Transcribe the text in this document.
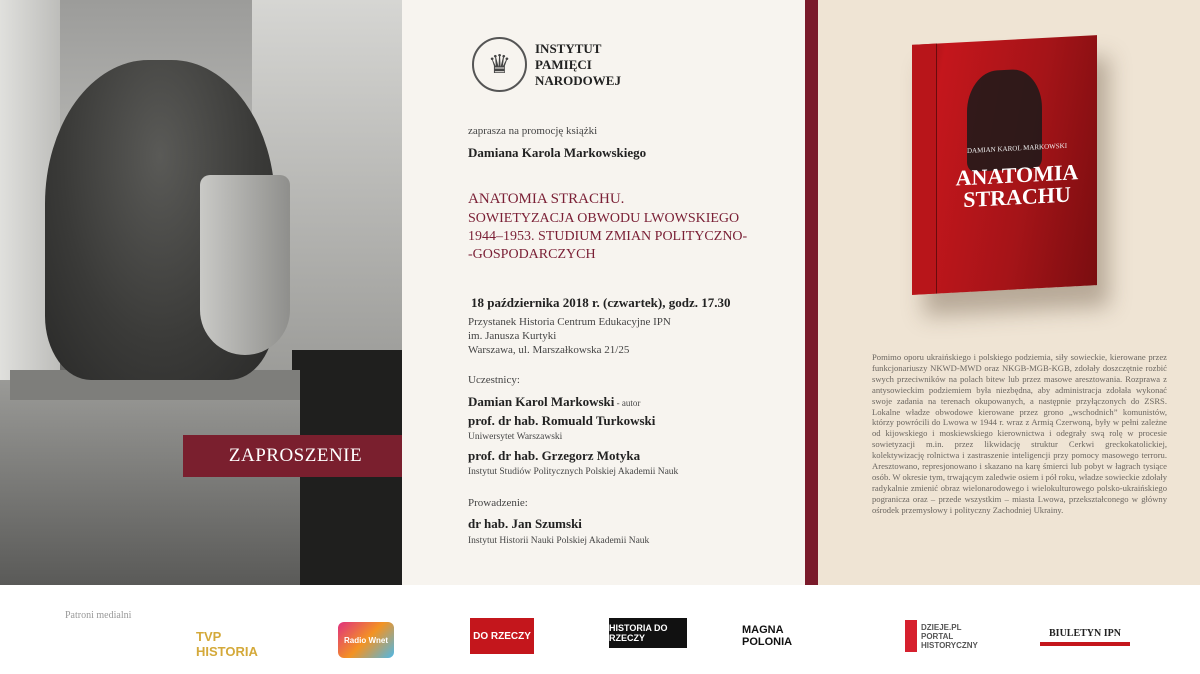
ZAPROSZENIE
♛
INSTYTUT
PAMIĘCI
NARODOWEJ
zaprasza na promocję książki
Damiana Karola Markowskiego
ANATOMIA STRACHU.
SOWIETYZACJA OBWODU LWOWSKIEGO
1944–1953. STUDIUM ZMIAN POLITYCZNO-
-GOSPODARCZYCH
18 października 2018 r. (czwartek), godz. 17.30
Przystanek Historia Centrum Edukacyjne IPN
im. Janusza Kurtyki
Warszawa, ul. Marszałkowska 21/25
Uczestnicy:
Damian Karol Markowski - autor
prof. dr hab. Romuald Turkowski
Uniwersytet Warszawski
prof. dr hab. Grzegorz Motyka
Instytut Studiów Politycznych Polskiej Akademii Nauk
Prowadzenie:
dr hab. Jan Szumski
Instytut Historii Nauki Polskiej Akademii Nauk
DAMIAN KAROL MARKOWSKI
ANATOMIA
STRACHU
Pomimo oporu ukraińskiego i polskiego podziemia, siły sowieckie, kierowane przez funkcjonariuszy NKWD-MWD oraz NKGB-MGB-KGB, zdołały doszczętnie rozbić swych przeciwników na polach bitew lub przez masowe aresztowania. Rozprawa z antysowieckim podziemiem była niezbędna, aby administracja zdołała wykonać swoje zadania na terenach okupowanych, a następnie przyłączonych do ZSRS. Lokalne władze obwodowe kierowane przez grono „wschodnich” komunistów, którzy powrócili do Lwowa w 1944 r. wraz z Armią Czerwoną, były w pełni zależne od kijowskiego i moskiewskiego kierownictwa i odegrały swą rolę w procesie sowietyzacji m.in. przez likwidację struktur Cerkwi greckokatolickiej, kolektywizację rolnictwa i zastraszenie inteligencji przy pomocy masowego terroru. Aresztowano, represjonowano i skazano na karę śmierci lub pobyt w łagrach tysiące osób. W okresie tym, trwającym zaledwie osiem i pół roku, władze sowieckie zdołały radykalnie zmienić obraz wielonarodowego i wielokulturowego polsko-ukraińskiego pogranicza oraz – przede wszystkim – miasta Lwowa, przekształconego w główny ośrodek przemysłowy i polityczny Zachodniej Ukrainy.
Patroni medialni
TVP HISTORIA
Radio Wnet	DO RZECZY
HISTORIA DO RZECZY
MAGNA POLONIA
DZIEJE.PL PORTAL HISTORYCZNY
BIULETYN IPN
